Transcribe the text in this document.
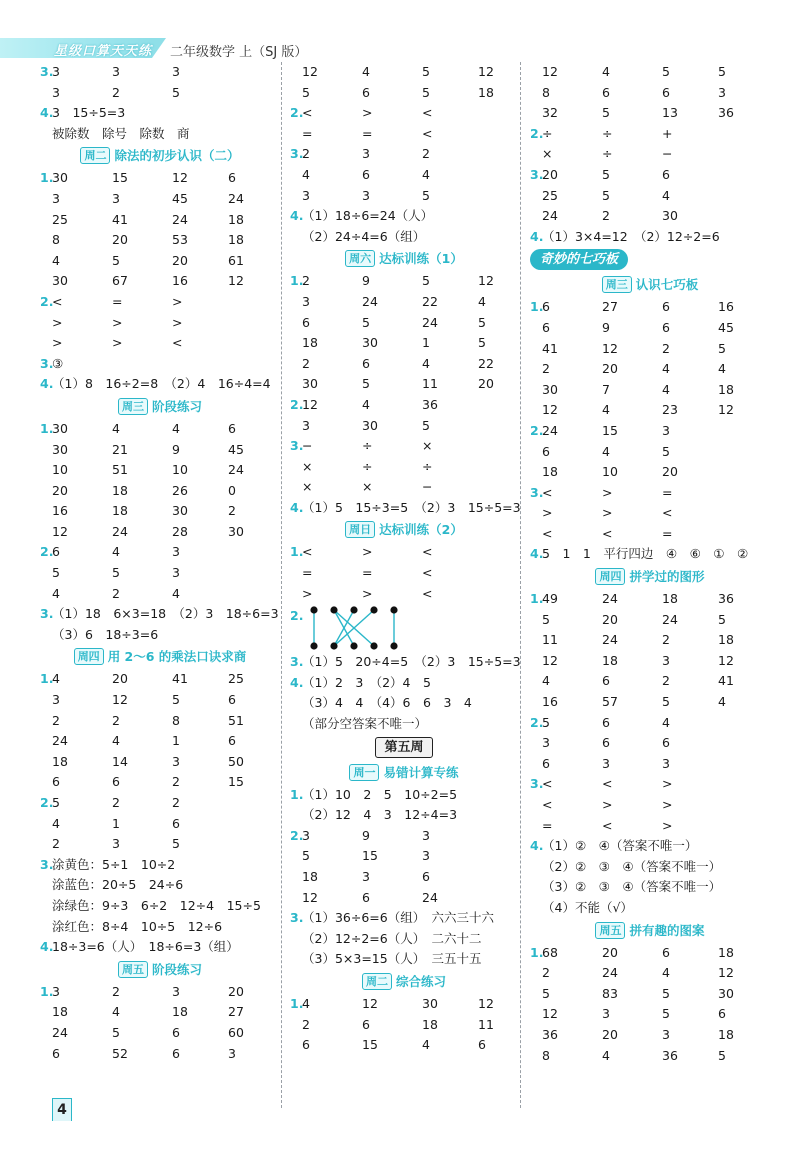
星级口算天天练 二年级数学 上（SJ 版）
3.
3	3	3
3	2	5
4.
3　15÷5=3
被除数　除号　除数　商
周二 除法的初步认识（二）
1.
30	15	12	6
3	3	45	24
25	41	24	18
8	20	53	18
4	5	20	61
30	67	16	12
2.
<	=	>
>	>	>
>	>	<
3.
③
4.
（1）8　16÷2=8　（2）4　16÷4=4
周三 阶段练习
1.
30	4	4	6
30	21	9	45
10	51	10	24
20	18	26	0
16	18	30	2
12	24	28	30
2.
6	4	3
5	5	3
4	2	4
3.
（1）18　6×3=18　（2）3　18÷6=3
（3）6　18÷3=6
周四 用 2～6 的乘法口诀求商
1.
4	20	41	25
3	12	5	6
2	2	8	51
24	4	1	6
18	14	3	50
6	6	2	15
2.
5	2	2
4	1	6
2	3	5
3.
涂黄色：5÷1　10÷2
涂蓝色：20÷5　24÷6
涂绿色：9÷3　6÷2　12÷4　15÷5
涂红色：8÷4　10÷5　12÷6
4.
18÷3=6（人）　18÷6=3（组）
周五 阶段练习
1.
3	2	3	20
18	4	18	27
24	5	6	60
6	52	6	3
12	4	5	12
5	6	5	18
2.
<	>	<
=	=	<
3.
2	3	2
4	6	4
3	3	5
4.
（1）18÷6=24（人）
（2）24÷4=6（组）
周六 达标训练（1）
1.
2	9	5	12
3	24	22	4
6	5	24	5
18	30	1	5
2	6	4	22
30	5	11	20
2.
12	4	36
3	30	5
3.
−	÷	×
×	÷	÷
×	×	−
4.
（1）5　15÷3=5　（2）3　15÷5=3
周日 达标训练（2）
1.
<	>	<
=	=	<
>	>	<
2.
3.
（1）5　20÷4=5　（2）3　15÷5=3
4.
（1）2　3　（2）4　5
（3）4　4　（4）6　6　3　4
（部分空答案不唯一）
第五周
周一 易错计算专练
1.
（1）10　2　5　10÷2=5
（2）12　4　3　12÷4=3
2.
3	9	3
5	15	3
18	3	6
12	6	24
3.
（1）36÷6=6（组）　六六三十六
（2）12÷2=6（人）　二六十二
（3）5×3=15（人）　三五十五
周二 综合练习
1.
4	12	30	12
2	6	18	11
6	15	4	6
12	4	5	5
8	6	6	3
32	5	13	36
2.
÷	÷	+
×	÷	−
3.
20	5	6
25	5	4
24	2	30
4.
（1）3×4=12　（2）12÷2=6
奇妙的七巧板
周三 认识七巧板
1.
6	27	6	16
6	9	6	45
41	12	2	5
2	20	4	4
30	7	4	18
12	4	23	12
2.
24	15	3
6	4	5
18	10	20
3.
<	>	=
>	>	<
<	<	=
4.
5　1　1　平行四边　④　⑥　①　②
周四 拼学过的图形
1.
49	24	18	36
5	20	24	5
11	24	2	18
12	18	3	12
4	6	2	41
16	57	5	4
2.
5	6	4
3	6	6
6	3	3
3.
<	<	>
<	>	>
=	<	>
4.
（1）②　④（答案不唯一）
（2）②　③　④（答案不唯一）
（3）②　③　④（答案不唯一）
（4）不能（√）
周五 拼有趣的图案
1.
68	20	6	18
2	24	4	12
5	83	5	30
12	3	5	6
36	20	3	18
8	4	36	5
4
